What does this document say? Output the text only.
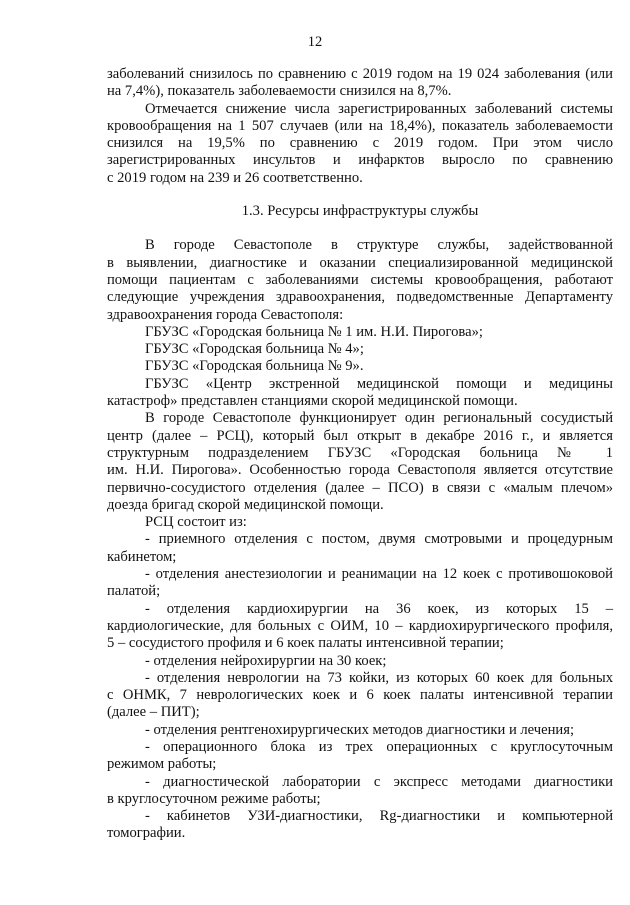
12
заболеваний снизилось по сравнению с 2019 годом на 19 024 заболевания (или
на 7,4%), показатель заболеваемости снизился на 8,7%.
Отмечается снижение числа зарегистрированных заболеваний системы
кровообращения на 1 507 случаев (или на 18,4%), показатель заболеваемости
снизился на 19,5% по сравнению с 2019 годом. При этом число
зарегистрированных инсультов и инфарктов выросло по сравнению
с 2019 годом на 239 и 26 соответственно.
1.3. Ресурсы инфраструктуры службы
В городе Севастополе в структуре службы, задействованной
в выявлении, диагностике и оказании специализированной медицинской
помощи пациентам с заболеваниями системы кровообращения, работают
следующие учреждения здравоохранения, подведомственные Департаменту
здравоохранения города Севастополя:
ГБУЗС «Городская больница № 1 им. Н.И. Пирогова»;
ГБУЗС «Городская больница № 4»;
ГБУЗС «Городская больница № 9».
ГБУЗС «Центр экстренной медицинской помощи и медицины
катастроф» представлен станциями скорой медицинской помощи.
В городе Севастополе функционирует один региональный сосудистый
центр (далее – РСЦ), который был открыт в декабре 2016 г., и является
структурным подразделением ГБУЗС «Городская больница № 1
им. Н.И. Пирогова». Особенностью города Севастополя является отсутствие
первично-сосудистого отделения (далее – ПСО) в связи с «малым плечом»
доезда бригад скорой медицинской помощи.
РСЦ состоит из:
- приемного отделения с постом, двумя смотровыми и процедурным
кабинетом;
- отделения анестезиологии и реанимации на 12 коек с противошоковой
палатой;
- отделения кардиохирургии на 36 коек, из которых 15 –
кардиологические, для больных с ОИМ, 10 – кардиохирургического профиля,
5 – сосудистого профиля и 6 коек палаты интенсивной терапии;
- отделения нейрохирургии на 30 коек;
- отделения неврологии на 73 койки, из которых 60 коек для больных
с ОНМК, 7 неврологических коек и 6 коек палаты интенсивной терапии
(далее – ПИТ);
- отделения рентгенохирургических методов диагностики и лечения;
- операционного блока из трех операционных с круглосуточным
режимом работы;
- диагностической лаборатории с экспресс методами диагностики
в круглосуточном режиме работы;
- кабинетов УЗИ-диагностики, Rg-диагностики и компьютерной
томографии.
